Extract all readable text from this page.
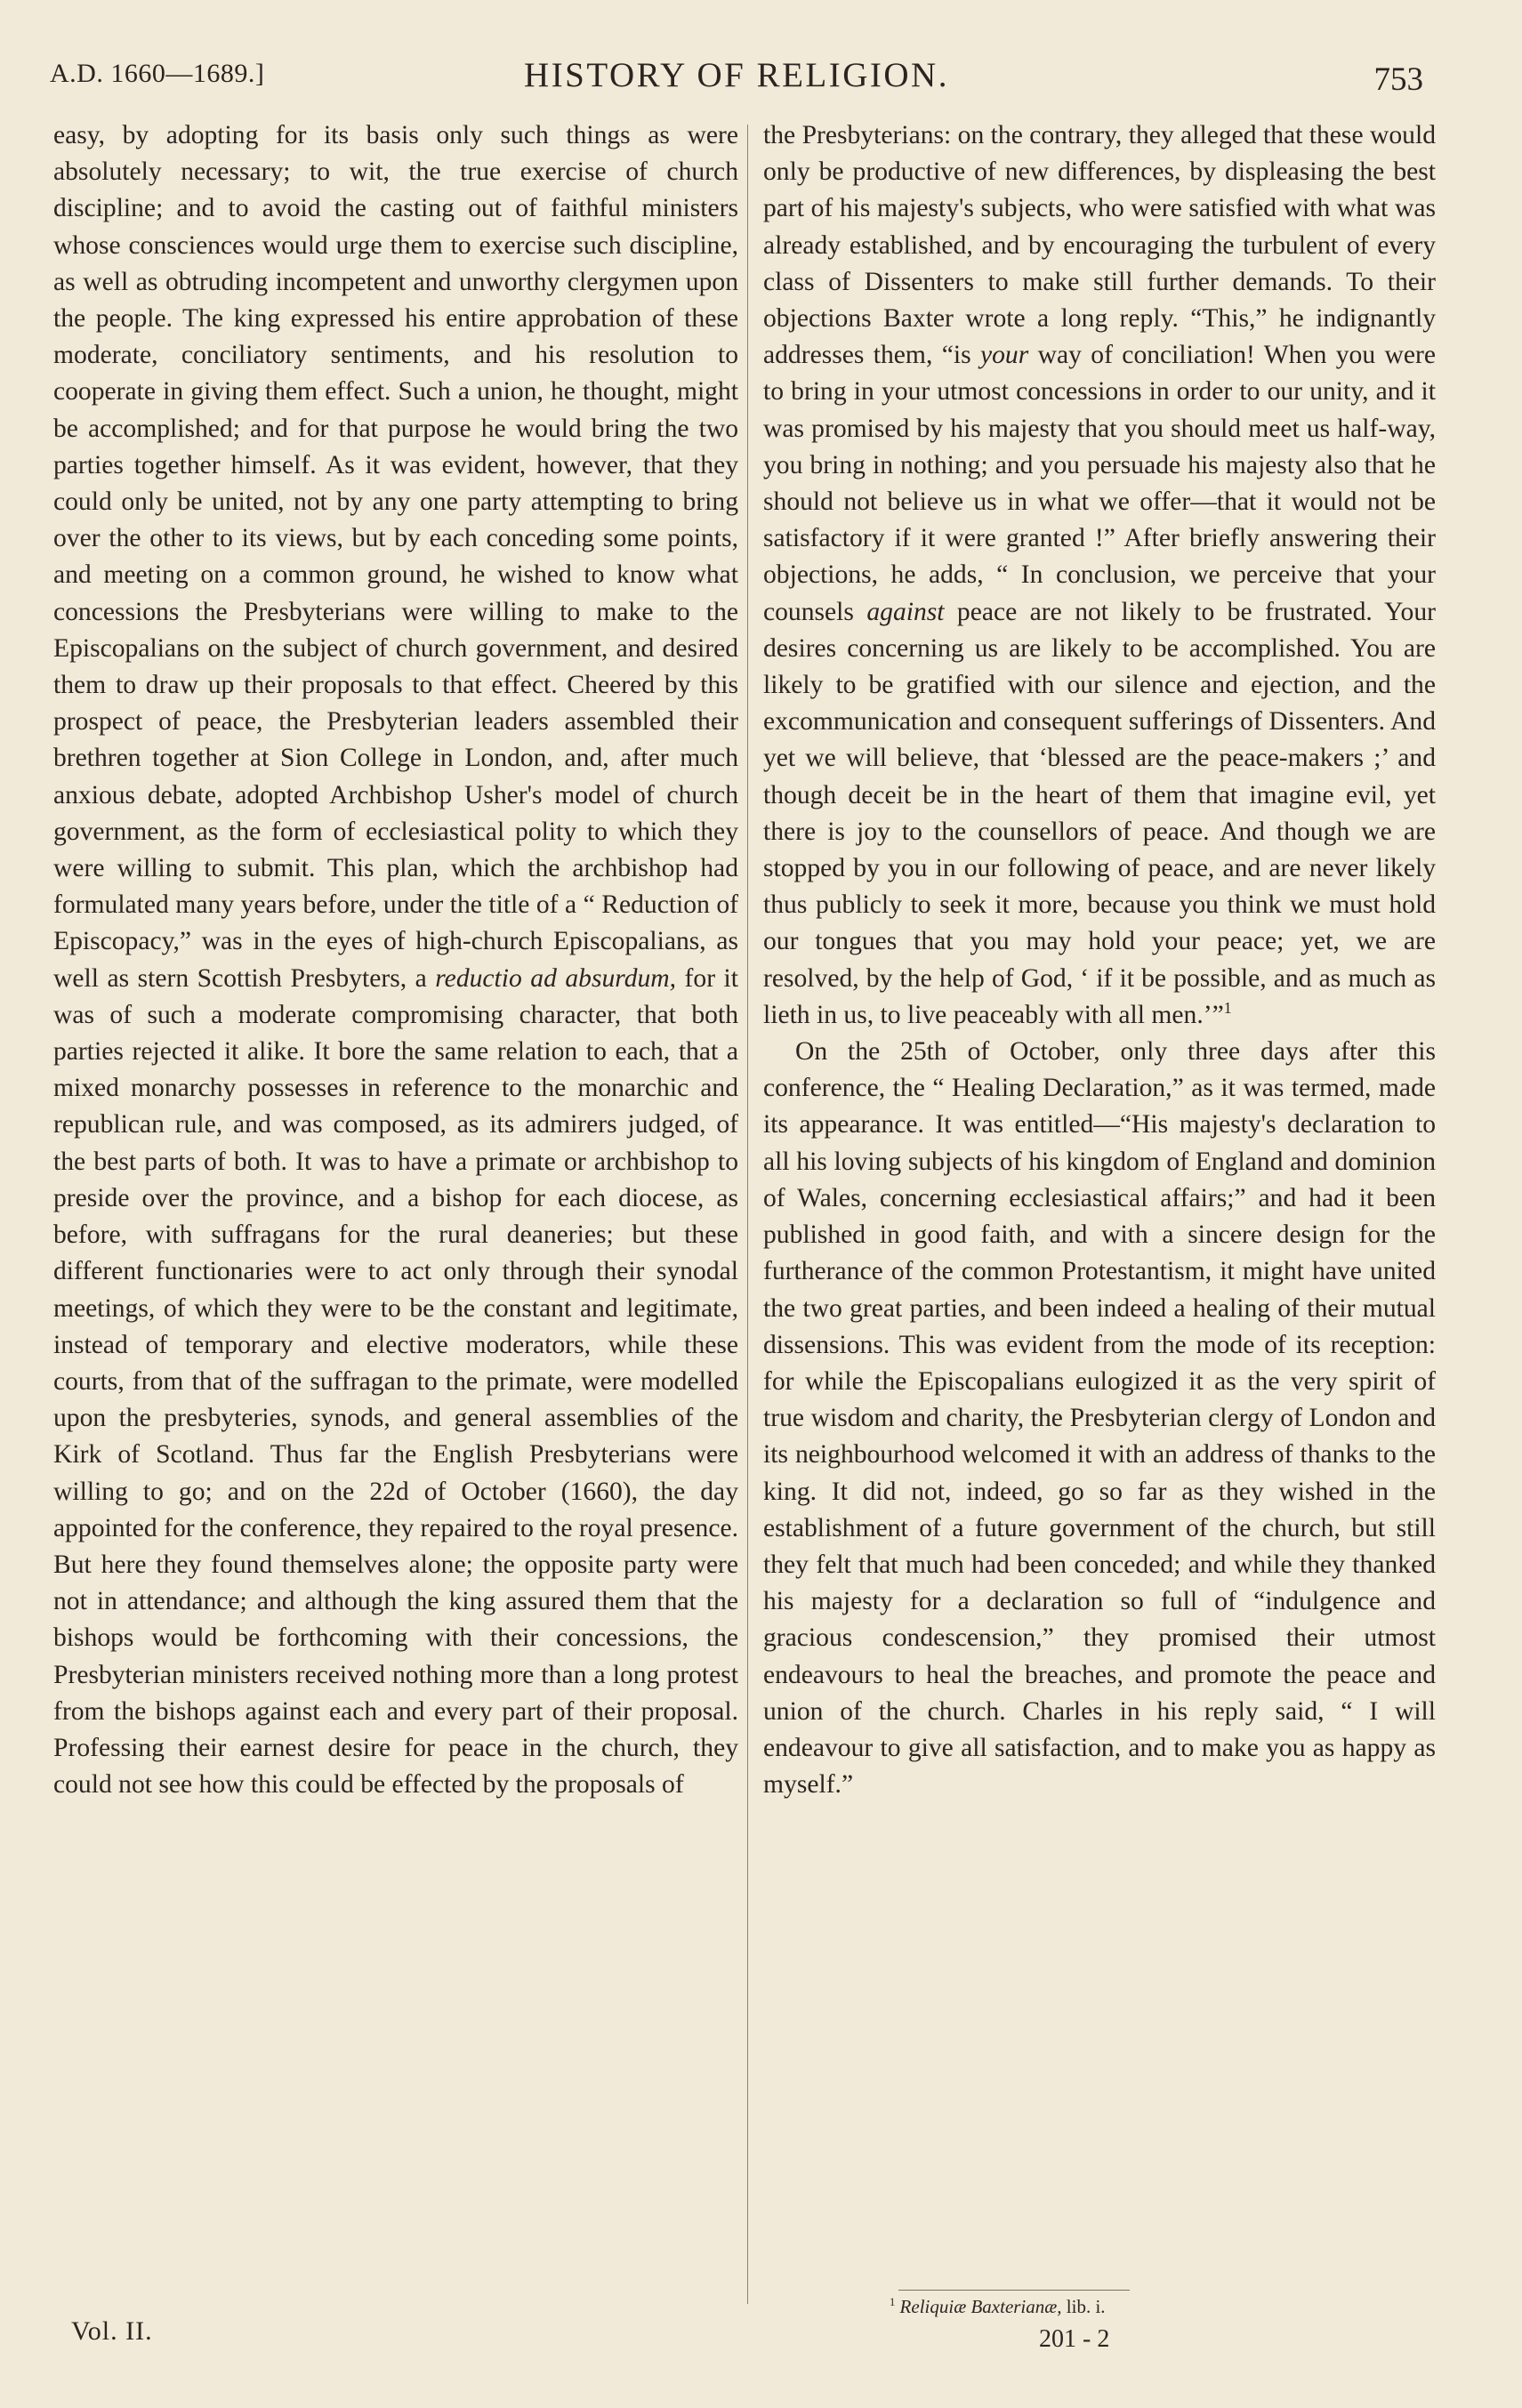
A.D. 1660—1689.]	HISTORY OF RELIGION.	753

easy, by adopting for its basis only such things as were absolutely necessary; to wit, the true exercise of church discipline; and to avoid the casting out of faithful ministers whose consciences would urge them to exercise such discipline, as well as obtruding incompetent and unworthy clergymen upon the people. The king expressed his entire approbation of these moderate, conciliatory sentiments, and his resolution to cooperate in giving them effect. Such a union, he thought, might be accomplished; and for that purpose he would bring the two parties together himself. As it was evident, however, that they could only be united, not by any one party attempting to bring over the other to its views, but by each conceding some points, and meeting on a common ground, he wished to know what concessions the Presbyterians were willing to make to the Episcopalians on the subject of church government, and desired them to draw up their proposals to that effect. Cheered by this prospect of peace, the Presbyterian leaders assembled their brethren together at Sion College in London, and, after much anxious debate, adopted Archbishop Usher's model of church government, as the form of ecclesiastical polity to which they were willing to submit. This plan, which the archbishop had formulated many years before, under the title of a “ Reduction of Episcopacy,” was in the eyes of high-church Episcopalians, as well as stern Scottish Presbyters, a reductio ad absurdum, for it was of such a moderate compromising character, that both parties rejected it alike. It bore the same relation to each, that a mixed monarchy possesses in reference to the monarchic and republican rule, and was composed, as its admirers judged, of the best parts of both. It was to have a primate or archbishop to preside over the province, and a bishop for each diocese, as before, with suffragans for the rural deaneries; but these different functionaries were to act only through their synodal meetings, of which they were to be the constant and legitimate, instead of temporary and elective moderators, while these courts, from that of the suffragan to the primate, were modelled upon the presbyteries, synods, and general assemblies of the Kirk of Scotland. Thus far the English Presbyterians were willing to go; and on the 22d of October (1660), the day appointed for the conference, they repaired to the royal presence. But here they found themselves alone; the opposite party were not in attendance; and although the king assured them that the bishops would be forthcoming with their concessions, the Presbyterian ministers received nothing more than a long protest from the bishops against each and every part of their proposal. Professing their earnest desire for peace in the church, they could not see how this could be effected by the proposals of

the Presbyterians: on the contrary, they alleged that these would only be productive of new differences, by displeasing the best part of his majesty's subjects, who were satisfied with what was already established, and by encouraging the turbulent of every class of Dissenters to make still further demands. To their objections Baxter wrote a long reply. “This,” he indignantly addresses them, “is your way of conciliation! When you were to bring in your utmost concessions in order to our unity, and it was promised by his majesty that you should meet us half-way, you bring in nothing; and you persuade his majesty also that he should not believe us in what we offer—that it would not be satisfactory if it were granted !” After briefly answering their objections, he adds, “ In conclusion, we perceive that your counsels against peace are not likely to be frustrated. Your desires concerning us are likely to be accomplished. You are likely to be gratified with our silence and ejection, and the excommunication and consequent sufferings of Dissenters. And yet we will believe, that ‘blessed are the peace-makers ;’ and though deceit be in the heart of them that imagine evil, yet there is joy to the counsellors of peace. And though we are stopped by you in our following of peace, and are never likely thus publicly to seek it more, because you think we must hold our tongues that you may hold your peace; yet, we are resolved, by the help of God, ‘ if it be possible, and as much as lieth in us, to live peaceably with all men.’”$^1$

On the 25th of October, only three days after this conference, the “ Healing Declaration,” as it was termed, made its appearance. It was entitled—“His majesty's declaration to all his loving subjects of his kingdom of England and dominion of Wales, concerning ecclesiastical affairs;” and had it been published in good faith, and with a sincere design for the furtherance of the common Protestantism, it might have united the two great parties, and been indeed a healing of their mutual dissensions. This was evident from the mode of its reception: for while the Episcopalians eulogized it as the very spirit of true wisdom and charity, the Presbyterian clergy of London and its neighbourhood welcomed it with an address of thanks to the king. It did not, indeed, go so far as they wished in the establishment of a future government of the church, but still they felt that much had been conceded; and while they thanked his majesty for a declaration so full of “indulgence and gracious condescension,” they promised their utmost endeavours to heal the breaches, and promote the peace and union of the church. Charles in his reply said, “ I will endeavour to give all satisfaction, and to make you as happy as myself.”

$^1$ Reliquiæ Baxterianæ, lib. i.
Vol. II.	201 - 2
